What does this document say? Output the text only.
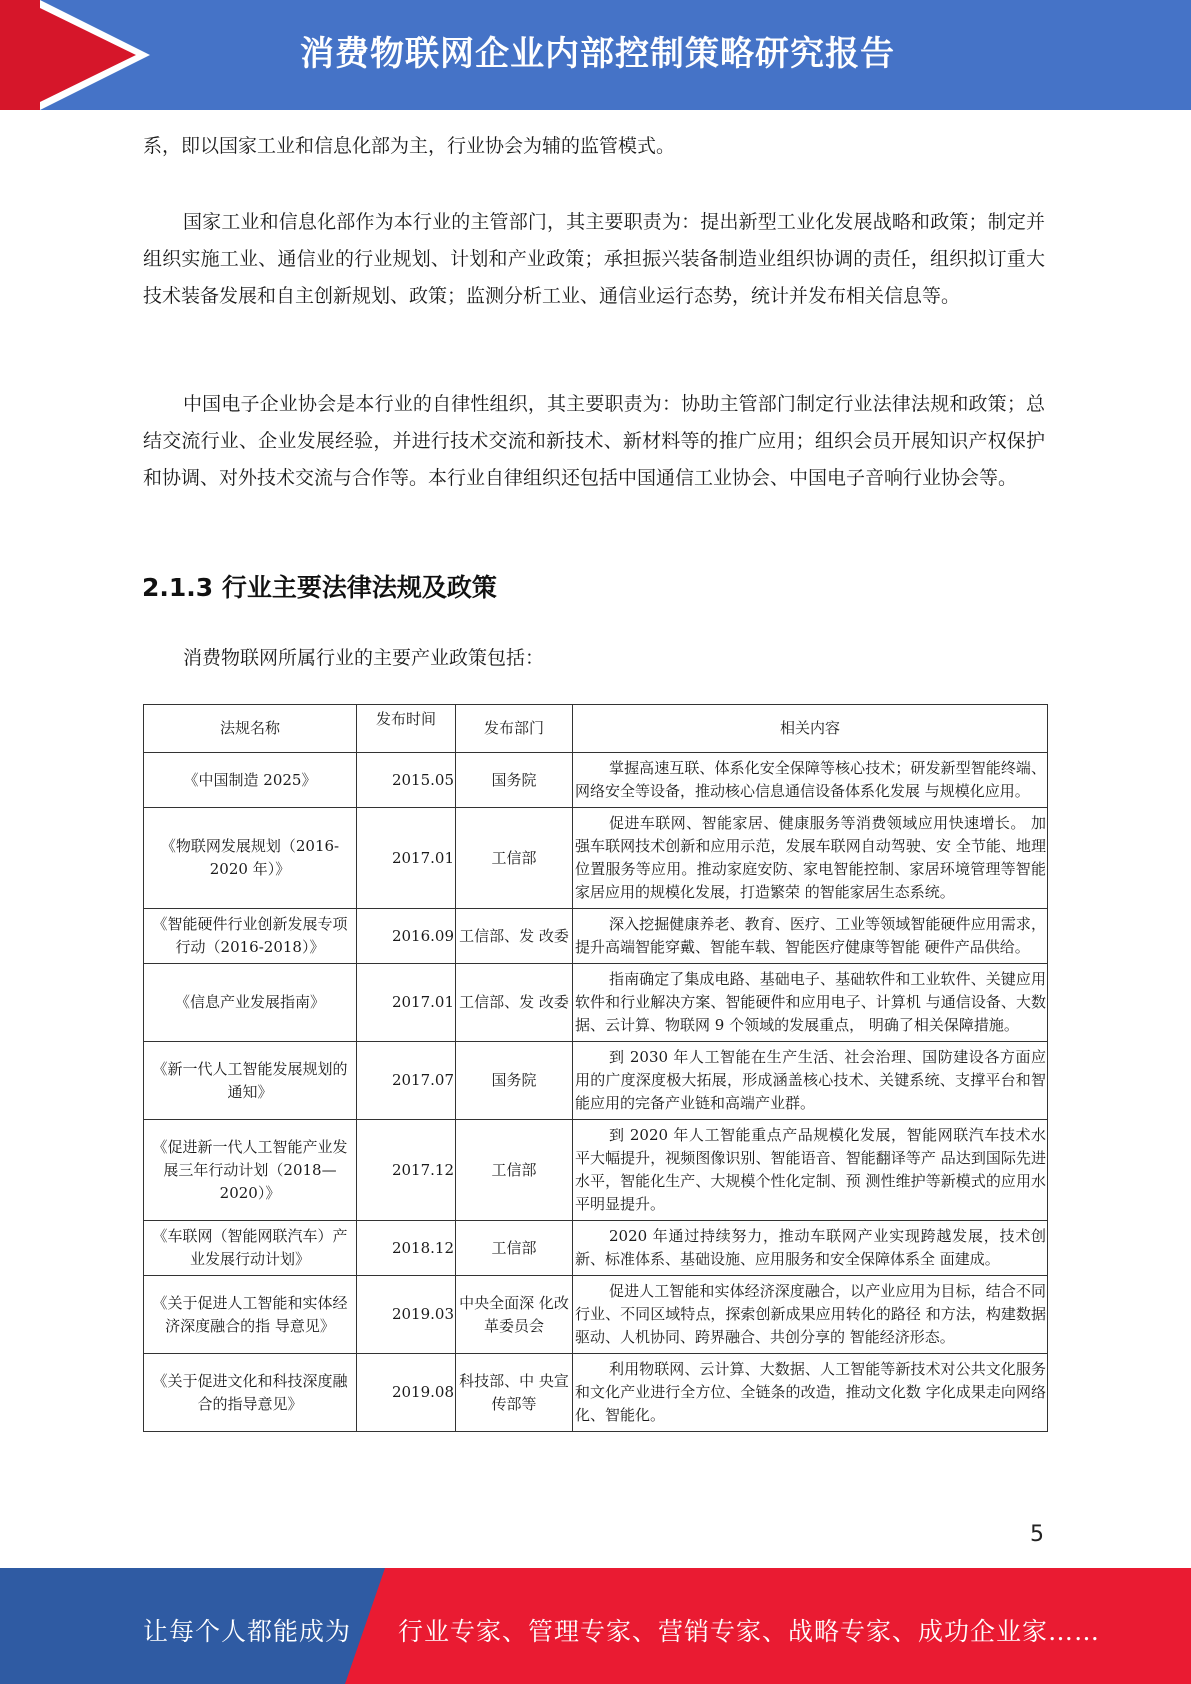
消费物联网企业内部控制策略研究报告
系，即以国家工业和信息化部为主，行业协会为辅的监管模式。
国家工业和信息化部作为本行业的主管部门，其主要职责为：提出新型工业化发展战略和政策；制定并组织实施工业、通信业的行业规划、计划和产业政策；承担振兴装备制造业组织协调的责任，组织拟订重大技术装备发展和自主创新规划、政策；监测分析工业、通信业运行态势，统计并发布相关信息等。
中国电子企业协会是本行业的自律性组织，其主要职责为：协助主管部门制定行业法律法规和政策；总结交流行业、企业发展经验，并进行技术交流和新技术、新材料等的推广应用；组织会员开展知识产权保护和协调、对外技术交流与合作等。本行业自律组织还包括中国通信工业协会、中国电子音响行业协会等。
2.1.3 行业主要法律法规及政策
消费物联网所属行业的主要产业政策包括：
法规名称	发布时间	发布部门	相关内容
《中国制造 2025》	2015.05	国务院	掌握高速互联、体系化安全保障等核心技术；研发新型智能终端、网络安全等设备，推动核心信息通信设备体系化发展 与规模化应用。

《物联网发展规划（2016-2020 年）》	2017.01	工信部	促进车联网、智能家居、健康服务等消费领域应用快速增长。 加强车联网技术创新和应用示范，发展车联网自动驾驶、安 全节能、地理位置服务等应用。推动家庭安防、家电智能控制、家居环境管理等智能家居应用的规模化发展，打造繁荣 的智能家居生态系统。

《智能硬件行业创新发展专项行动（2016-2018）》	2016.09	工信部、发 改委	深入挖掘健康养老、教育、医疗、工业等领域智能硬件应用需求，提升高端智能穿戴、智能车载、智能医疗健康等智能 硬件产品供给。

《信息产业发展指南》	2017.01	工信部、发 改委	指南确定了集成电路、基础电子、基础软件和工业软件、关键应用软件和行业解决方案、智能硬件和应用电子、计算机 与通信设备、大数据、云计算、物联网 9 个领域的发展重点， 明确了相关保障措施。

《新一代人工智能发展规划的通知》	2017.07	国务院	到 2030 年人工智能在生产生活、社会治理、国防建设各方面应用的广度深度极大拓展，形成涵盖核心技术、关键系统、支撑平台和智能应用的完备产业链和高端产业群。

《促进新一代人工智能产业发展三年行动计划（2018—2020）》	2017.12	工信部	到 2020 年人工智能重点产品规模化发展，智能网联汽车技术水平大幅提升，视频图像识别、智能语音、智能翻译等产 品达到国际先进水平，智能化生产、大规模个性化定制、预 测性维护等新模式的应用水平明显提升。

《车联网（智能网联汽车）产业发展行动计划》	2018.12	工信部	2020 年通过持续努力，推动车联网产业实现跨越发展，技术创新、标准体系、基础设施、应用服务和安全保障体系全 面建成。

《关于促进人工智能和实体经济深度融合的指 导意见》	2019.03	中央全面深 化改革委员会	促进人工智能和实体经济深度融合，以产业应用为目标，结合不同行业、不同区域特点，探索创新成果应用转化的路径 和方法，构建数据驱动、人机协同、跨界融合、共创分享的 智能经济形态。

《关于促进文化和科技深度融合的指导意见》	2019.08	科技部、中 央宣传部等	利用物联网、云计算、大数据、人工智能等新技术对公共文化服务和文化产业进行全方位、全链条的改造，推动文化数 字化成果走向网络化、智能化。
5
让每个人都能成为 行业专家、管理专家、营销专家、战略专家、成功企业家……
